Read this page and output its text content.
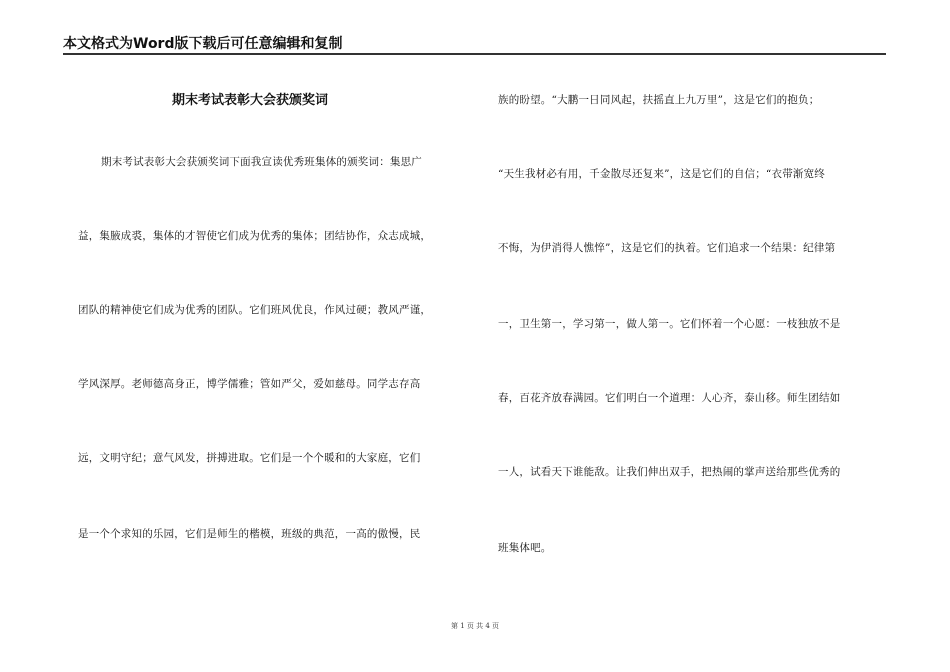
本文格式为Word版下载后可任意编辑和复制
期末考试表彰大会获颁奖词
期末考试表彰大会获颁奖词下面我宣读优秀班集体的颁奖词：集思广
益，集腋成裘，集体的才智使它们成为优秀的集体；团结协作，众志成城，
团队的精神使它们成为优秀的团队。它们班风优良，作风过硬；教风严谨，
学风深厚。老师德高身正，博学儒雅；管如严父，爱如慈母。同学志存高
远，文明守纪；意气风发，拼搏进取。它们是一个个暖和的大家庭，它们
是一个个求知的乐园，它们是师生的楷模，班级的典范，一高的傲慢，民
族的盼望。“大鹏一日同风起，扶摇直上九万里”，这是它们的抱负；
“天生我材必有用，千金散尽还复来”，这是它们的自信；“衣带渐宽终
不悔，为伊消得人憔悴”，这是它们的执着。它们追求一个结果：纪律第
一，卫生第一，学习第一，做人第一。它们怀着一个心愿：一枝独放不是
春，百花齐放春满园。它们明白一个道理：人心齐，泰山移。师生团结如
一人，试看天下谁能敌。让我们伸出双手，把热闹的掌声送给那些优秀的
班集体吧。
第 1 页 共 4 页
